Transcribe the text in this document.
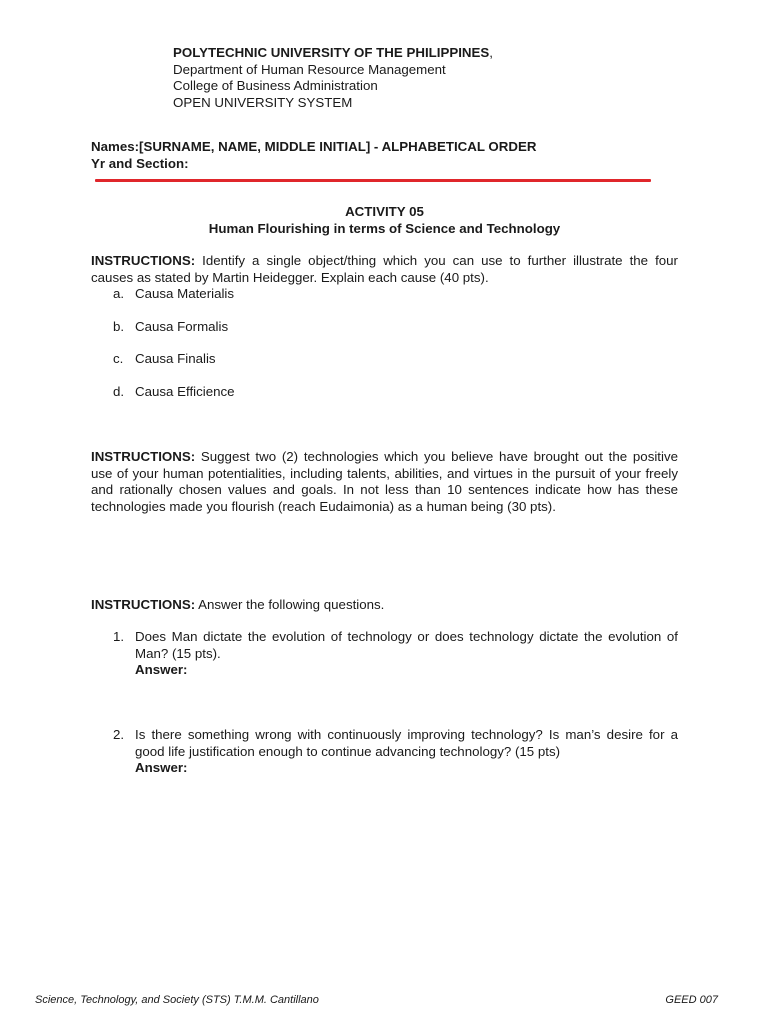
POLYTECHNIC UNIVERSITY OF THE PHILIPPINES,
Department of Human Resource Management
College of Business Administration
OPEN UNIVERSITY SYSTEM
Names:[SURNAME, NAME, MIDDLE INITIAL] - ALPHABETICAL ORDER
Yr and Section:
ACTIVITY 05
Human Flourishing in terms of Science and Technology
INSTRUCTIONS: Identify a single object/thing which you can use to further illustrate the four causes as stated by Martin Heidegger. Explain each cause (40 pts).
a. Causa Materialis
b. Causa Formalis
c. Causa Finalis
d. Causa Efficience
INSTRUCTIONS: Suggest two (2) technologies which you believe have brought out the positive use of your human potentialities, including talents, abilities, and virtues in the pursuit of your freely and rationally chosen values and goals. In not less than 10 sentences indicate how has these technologies made you flourish (reach Eudaimonia) as a human being (30 pts).
INSTRUCTIONS: Answer the following questions.
1. Does Man dictate the evolution of technology or does technology dictate the evolution of Man? (15 pts).
Answer:
2. Is there something wrong with continuously improving technology? Is man’s desire for a good life justification enough to continue advancing technology? (15 pts)
Answer:
Science, Technology, and Society (STS) T.M.M. Cantillano	GEED 007
